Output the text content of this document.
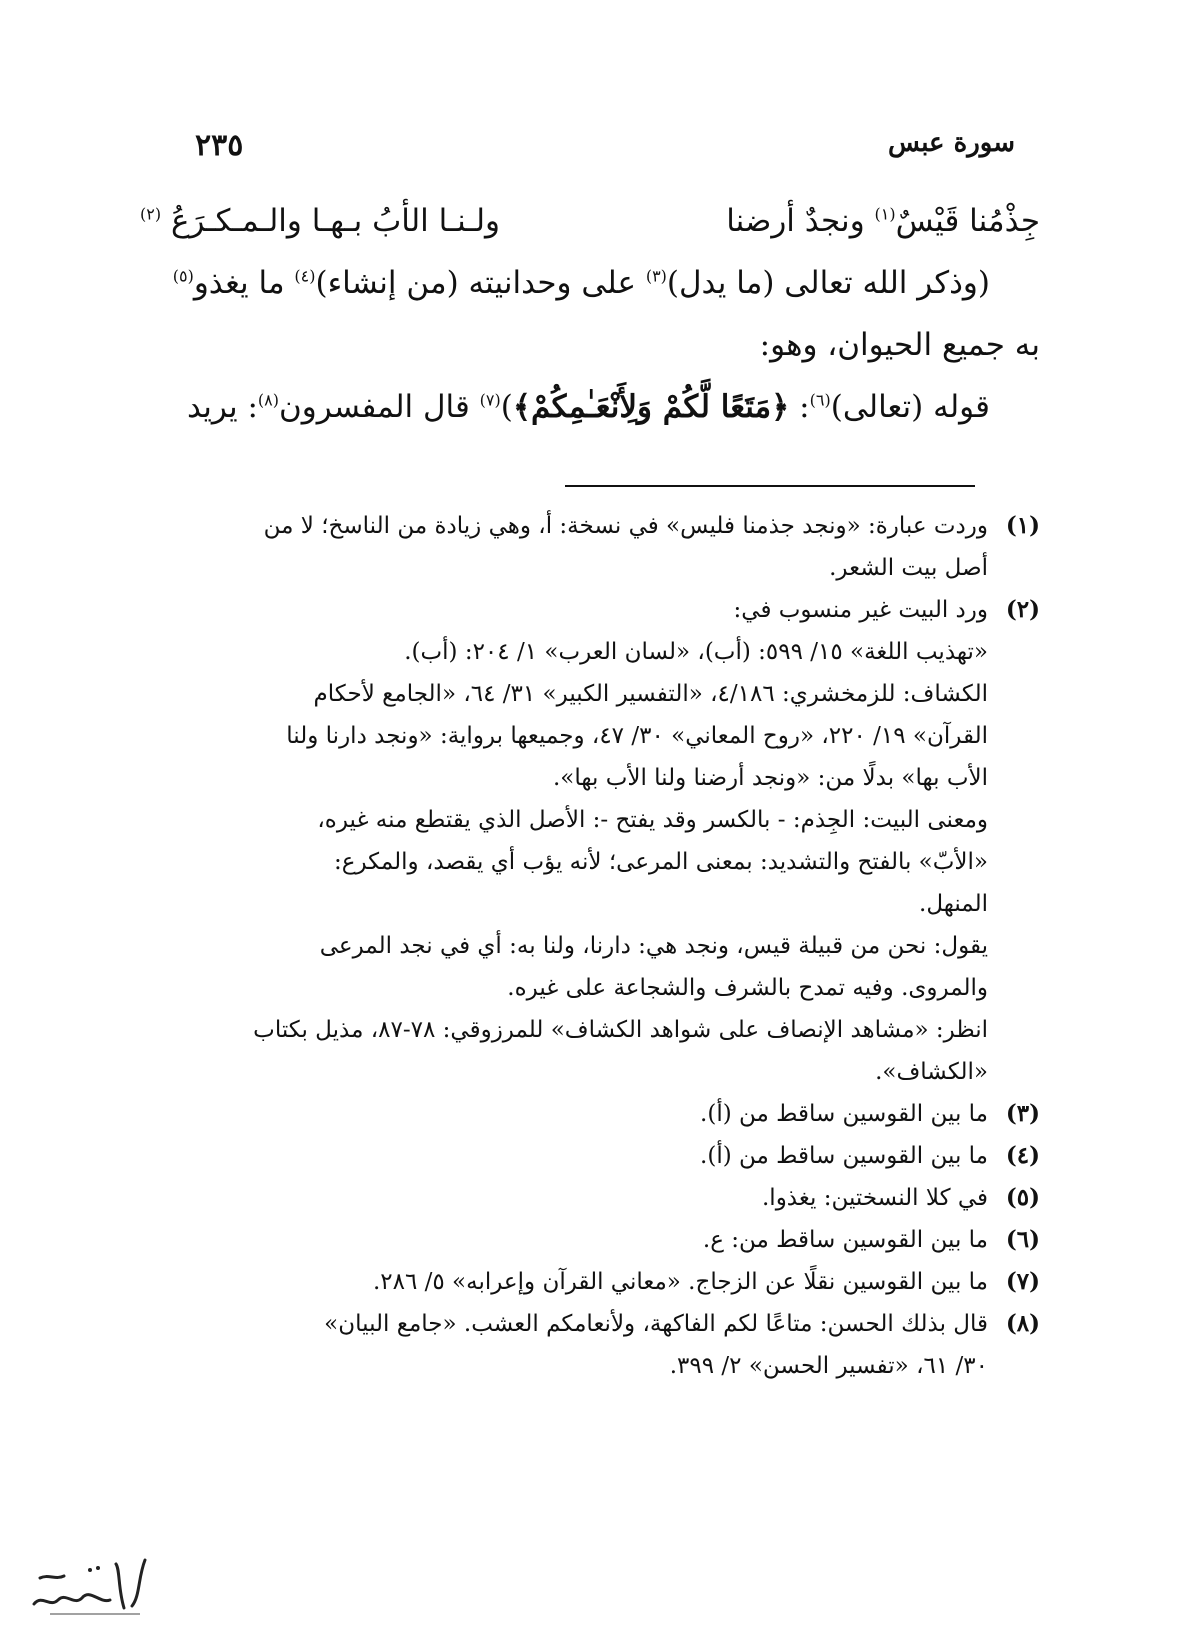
سورة عبس
٢٣٥
جِذْمُنا قَيْسٌ$^{(١)}$ ونجدٌ أرضنا
ولـنـا الأبُ بـهـا والـمـكـرَعُ $^{(٢)}$
(وذكر الله تعالى (ما يدل)$^{(٣)}$ على وحدانيته (من إنشاء)$^{(٤)}$ ما يغذو$^{(٥)}$
به جميع الحيوان، وهو:
قوله (تعالى)$^{(٦)}$: ﴿مَتَعًا لَّكُمْ وَلِأَنْعَـٰمِكُمْ﴾)$^{(٧)}$ قال المفسرون$^{(٨)}$: يريد
(١)
وردت عبارة: «ونجد جذمنا فليس» في نسخة: أ، وهي زيادة من الناسخ؛ لا من
أصل بيت الشعر.
(٢)
ورد البيت غير منسوب في:
«تهذيب اللغة» ١٥/ ٥٩٩: (أب)، «لسان العرب» ١/ ٢٠٤: (أب).
الكشاف: للزمخشري: ٤/١٨٦، «التفسير الكبير» ٣١/ ٦٤، «الجامع لأحكام
القرآن» ١٩/ ٢٢٠، «روح المعاني» ٣٠/ ٤٧، وجميعها برواية: «ونجد دارنا ولنا
الأب بها» بدلًا من: «ونجد أرضنا ولنا الأب بها».
ومعنى البيت: الجِذم: - بالكسر وقد يفتح -: الأصل الذي يقتطع منه غيره،
«الأبّ» بالفتح والتشديد: بمعنى المرعى؛ لأنه يؤب أي يقصد، والمكرع:
المنهل.
يقول: نحن من قبيلة قيس، ونجد هي: دارنا، ولنا به: أي في نجد المرعى
والمروى. وفيه تمدح بالشرف والشجاعة على غيره.
انظر: «مشاهد الإنصاف على شواهد الكشاف» للمرزوقي: ٧٨-٨٧، مذيل بكتاب
«الكشاف».
(٣)
ما بين القوسين ساقط من (أ).
(٤)
ما بين القوسين ساقط من (أ).
(٥)
في كلا النسختين: يغذوا.
(٦)
ما بين القوسين ساقط من: ع.
(٧)
ما بين القوسين نقلًا عن الزجاج. «معاني القرآن وإعرابه» ٥/ ٢٨٦.
(٨)
قال بذلك الحسن: متاعًا لكم الفاكهة، ولأنعامكم العشب. «جامع البيان»
٣٠/ ٦١، «تفسير الحسن» ٢/ ٣٩٩.
